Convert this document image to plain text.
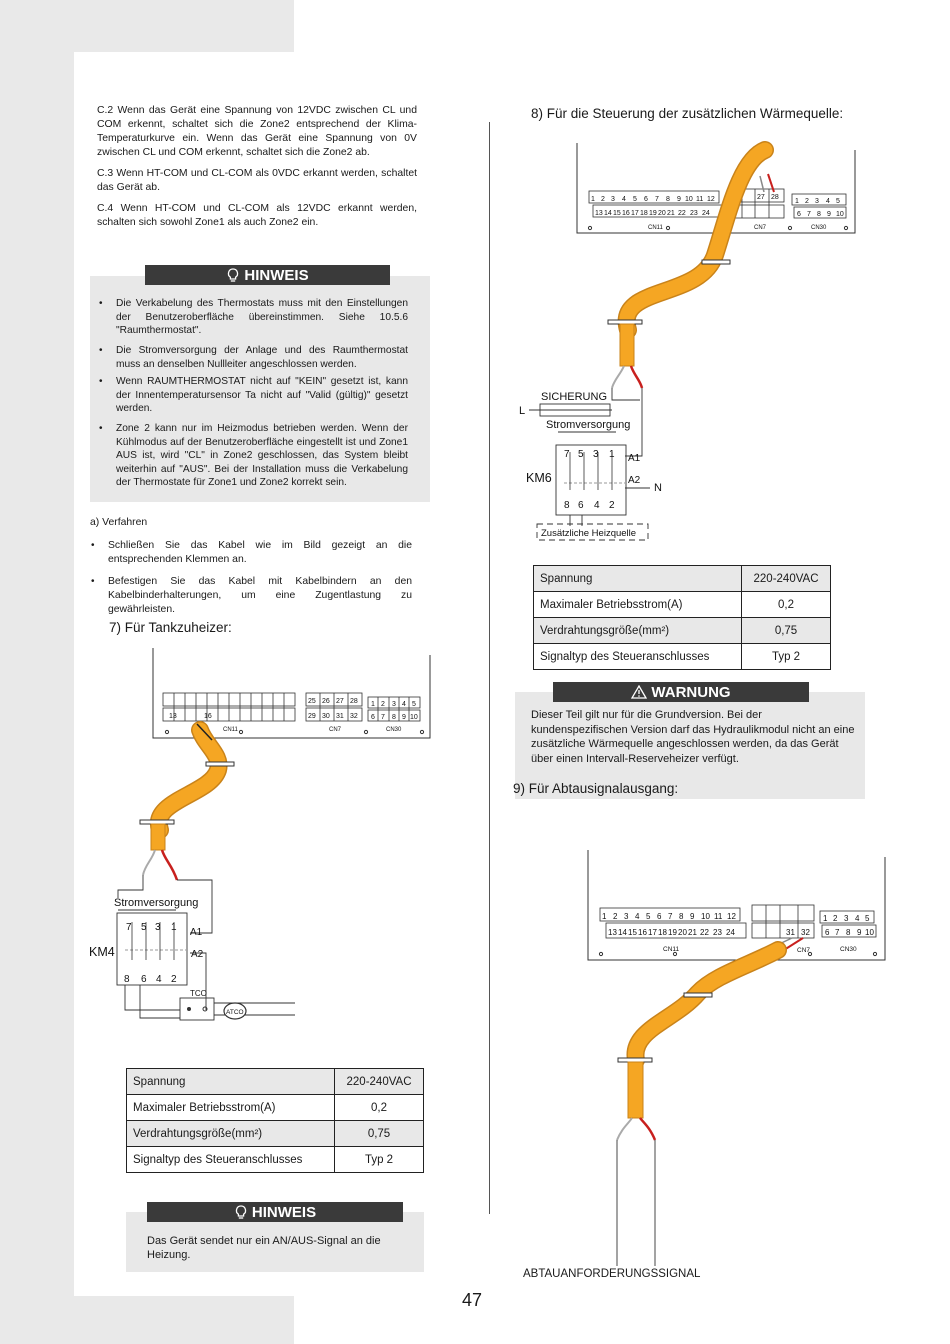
C.2 Wenn das Gerät eine Spannung von 12VDC zwischen CL und COM erkennt, schaltet sich die Zone2 entsprechend der Klima-Temperaturkurve ein. Wenn das Gerät eine Spannung von 0V zwischen CL und COM erkennt, schaltet sich die Zone2 ab.
C.3 Wenn HT-COM und CL-COM als 0VDC erkannt werden, schaltet das Gerät ab.
C.4 Wenn HT-COM und CL-COM als 12VDC erkannt werden, schalten sich sowohl Zone1 als auch Zone2 ein.
HINWEIS
• Die Verkabelung des Thermostats muss mit den Einstellungen der Benutzeroberfläche übereinstimmen. Siehe 10.5.6 "Raumthermostat".
• Die Stromversorgung der Anlage und des Raumthermostat muss an denselben Nullleiter angeschlossen werden.
• Wenn RAUMTHERMOSTAT nicht auf "KEIN" gesetzt ist, kann der Innentemperatursensor Ta nicht auf "Valid (gültig)" gesetzt werden.
• Zone 2 kann nur im Heizmodus betrieben werden. Wenn der Kühlmodus auf der Benutzeroberfläche eingestellt ist und Zone1 AUS ist, wird "CL" in Zone2 geschlossen, das System bleibt weiterhin auf "AUS". Bei der Installation muss die Verkabelung der Thermostate für Zone1 und Zone2 korrekt sein.
a) Verfahren
• Schließen Sie das Kabel wie im Bild gezeigt an die entsprechenden Klemmen an.
• Befestigen Sie das Kabel mit Kabelbindern an den Kabelbinderhalterungen, um eine Zugentlastung zu gewährleisten.
7) Für Tankzuheizer:
13	16
25 26 27 28
29 30 31 32
1 2 3 4 5
6 7 8 9 10
CN11	CN7	CN30
Stromversorgung
KM4
7 5 3 1
8 6 4 2
A1
A2
TCO
ATCO
Spannung	220-240VAC
Maximaler Betriebsstrom(A)	0,2
Verdrahtungsgröße(mm²)	0,75
Signaltyp des Steueranschlusses	Typ 2
HINWEIS
Das Gerät sendet nur ein AN/AUS-Signal an die Heizung.
8) Für die Steuerung der zusätzlichen Wärmequelle:
1 2 3 4 5 6 7 8 9 10 11 12
13 14 15 16 17 18 19 20 21 22 23 24
27 28
1 2 3 4 5
6 7 8 9 10
CN11	CN7	CN30
SICHERUNG
L
Stromversorgung
KM6
7 5 3 1
8 6 4 2
A1
A2
N
Zusätzliche Heizquelle
Spannung	220-240VAC
Maximaler Betriebsstrom(A)	0,2
Verdrahtungsgröße(mm²)	0,75
Signaltyp des Steueranschlusses	Typ 2
WARNUNG
Dieser Teil gilt nur für die Grundversion. Bei der kundenspezifischen Version darf das Hydraulikmodul nicht an eine zusätzliche Wärmequelle angeschlossen werden, da das Gerät über einen Intervall-Reserveheizer verfügt.
9) Für Abtausignalausgang:
1 2 3 4 5 6 7 8 9 10 11 12
13 14 15 16 17 18 19 20 21 22 23 24	31 32
1 2 3 4 5
6 7 8 9 10
CN11	CN7	CN30
ABTAUANFORDERUNGSSIGNAL
47
